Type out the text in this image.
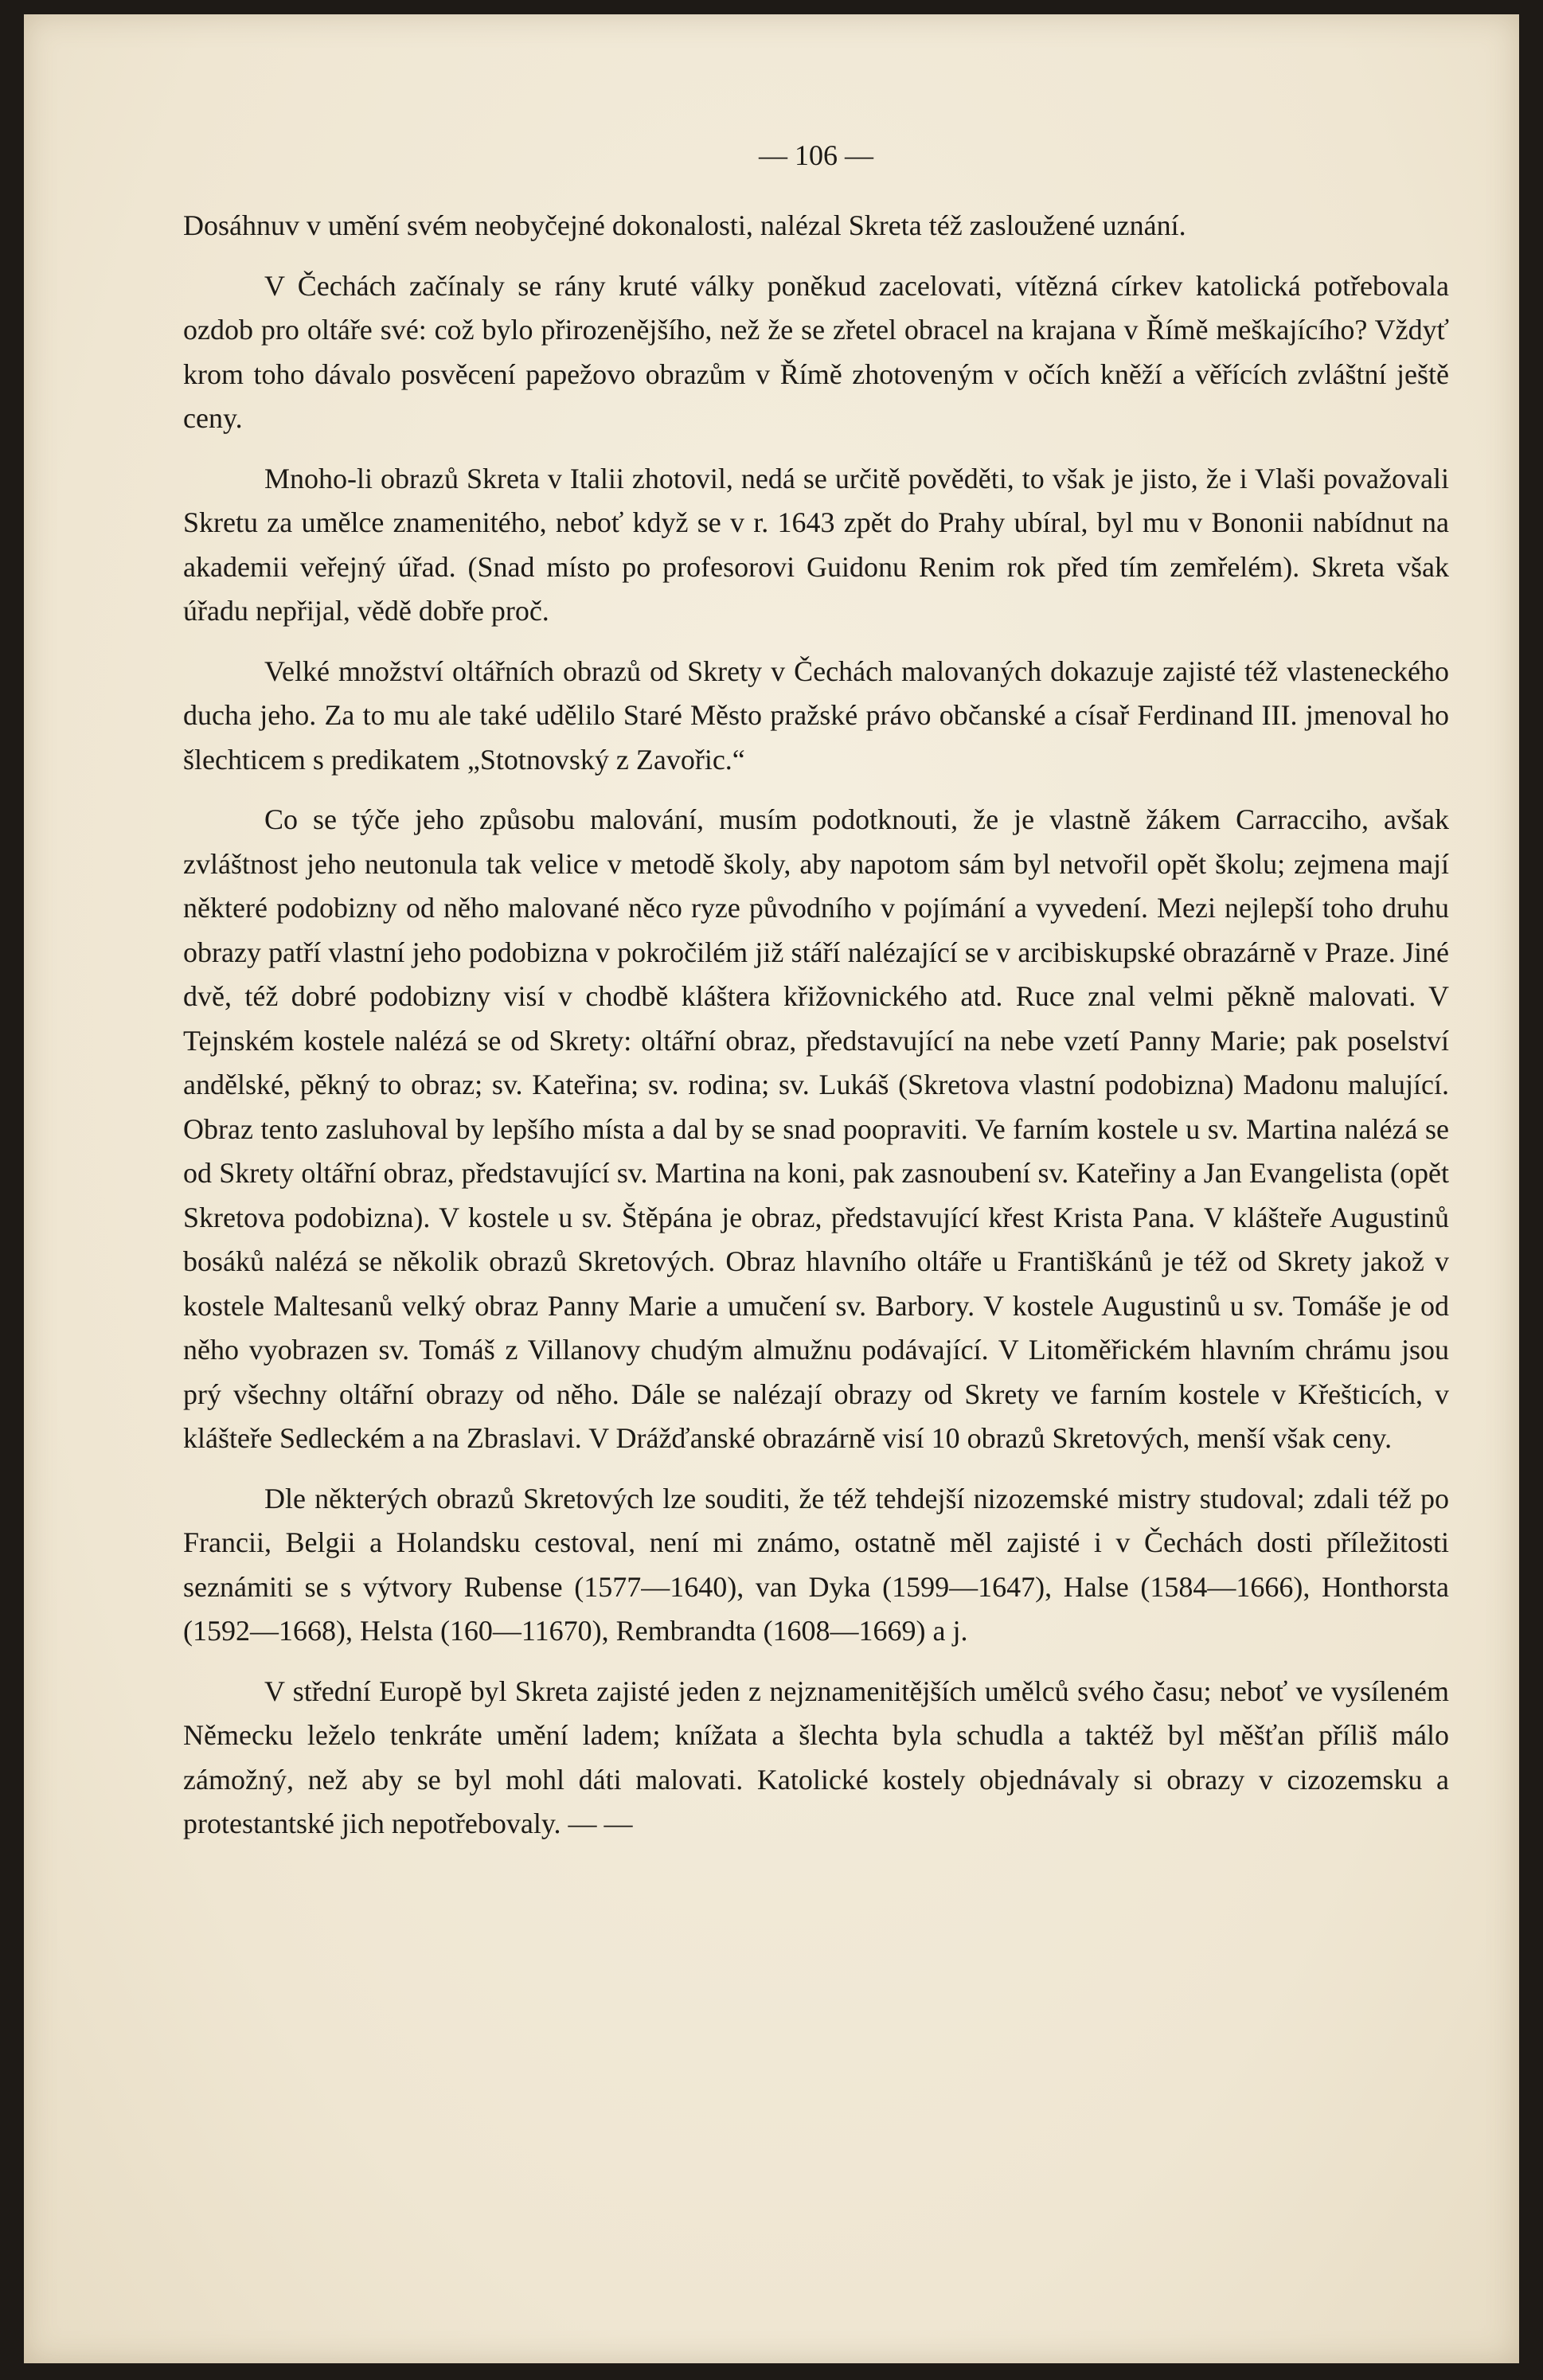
— 106 —

Dosáhnuv v umění svém neobyčejné dokonalosti, nalézal Skreta též zasloužené uznání.

V Čechách začínaly se rány kruté války poněkud zacelovati, vítězná církev katolická potřebovala ozdob pro oltáře své: což bylo přirozenějšího, než že se zřetel obracel na krajana v Římě meškajícího? Vždyť krom toho dávalo posvěcení papežovo obrazům v Římě zhotoveným v očích kněží a věřících zvláštní ještě ceny.

Mnoho-li obrazů Skreta v Italii zhotovil, nedá se určitě pověděti, to však je jisto, že i Vlaši považovali Skretu za umělce znamenitého, neboť když se v r. 1643 zpět do Prahy ubíral, byl mu v Bononii nabídnut na akademii veřejný úřad. (Snad místo po profesorovi Guidonu Renim rok před tím zemřelém). Skreta však úřadu nepřijal, vědě dobře proč.

Velké množství oltářních obrazů od Skrety v Čechách malovaných dokazuje zajisté též vlasteneckého ducha jeho. Za to mu ale také udělilo Staré Město pražské právo občanské a císař Ferdinand III. jmenoval ho šlechticem s predikatem „Stotnovský z Zavořic.“

Co se týče jeho způsobu malování, musím podotknouti, že je vlastně žákem Carracciho, avšak zvláštnost jeho neutonula tak velice v metodě školy, aby napotom sám byl netvořil opět školu; zejmena mají některé podobizny od něho malované něco ryze původního v pojímání a vyvedení. Mezi nejlepší toho druhu obrazy patří vlastní jeho podobizna v pokročilém již stáří nalézající se v arcibiskupské obrazárně v Praze. Jiné dvě, též dobré podobizny visí v chodbě kláštera křižovnického atd. Ruce znal velmi pěkně malovati. V Tejnském kostele nalézá se od Skrety: oltářní obraz, představující na nebe vzetí Panny Marie; pak poselství andělské, pěkný to obraz; sv. Kateřina; sv. rodina; sv. Lukáš (Skretova vlastní podobizna) Madonu malující. Obraz tento zasluhoval by lepšího místa a dal by se snad poopraviti. Ve farním kostele u sv. Martina nalézá se od Skrety oltářní obraz, představující sv. Martina na koni, pak zasnoubení sv. Kateřiny a Jan Evangelista (opět Skretova podobizna). V kostele u sv. Štěpána je obraz, představující křest Krista Pana. V klášteře Augustinů bosáků nalézá se několik obrazů Skretových. Obraz hlavního oltáře u Františkánů je též od Skrety jakož v kostele Maltesanů velký obraz Panny Marie a umučení sv. Barbory. V kostele Augustinů u sv. Tomáše je od něho vyobrazen sv. Tomáš z Villanovy chudým almužnu podávající. V Litoměřickém hlavním chrámu jsou prý všechny oltářní obrazy od něho. Dále se nalézají obrazy od Skrety ve farním kostele v Křešticích, v klášteře Sedleckém a na Zbraslavi. V Drážďanské obrazárně visí 10 obrazů Skretových, menší však ceny.

Dle některých obrazů Skretových lze souditi, že též tehdejší nizozemské mistry studoval; zdali též po Francii, Belgii a Holandsku cestoval, není mi známo, ostatně měl zajisté i v Čechách dosti příležitosti seznámiti se s výtvory Rubense (1577—1640), van Dyka (1599—1647), Halse (1584—1666), Honthorsta (1592—1668), Helsta (160—11670), Rembrandta (1608—1669) a j.

V střední Europě byl Skreta zajisté jeden z nejznamenitějších umělců svého času; neboť ve vysíleném Německu leželo tenkráte umění ladem; knížata a šlechta byla schudla a taktéž byl měšťan příliš málo zámožný, než aby se byl mohl dáti malovati. Katolické kostely objednávaly si obrazy v cizozemsku a protestantské jich nepotřebovaly. — —
